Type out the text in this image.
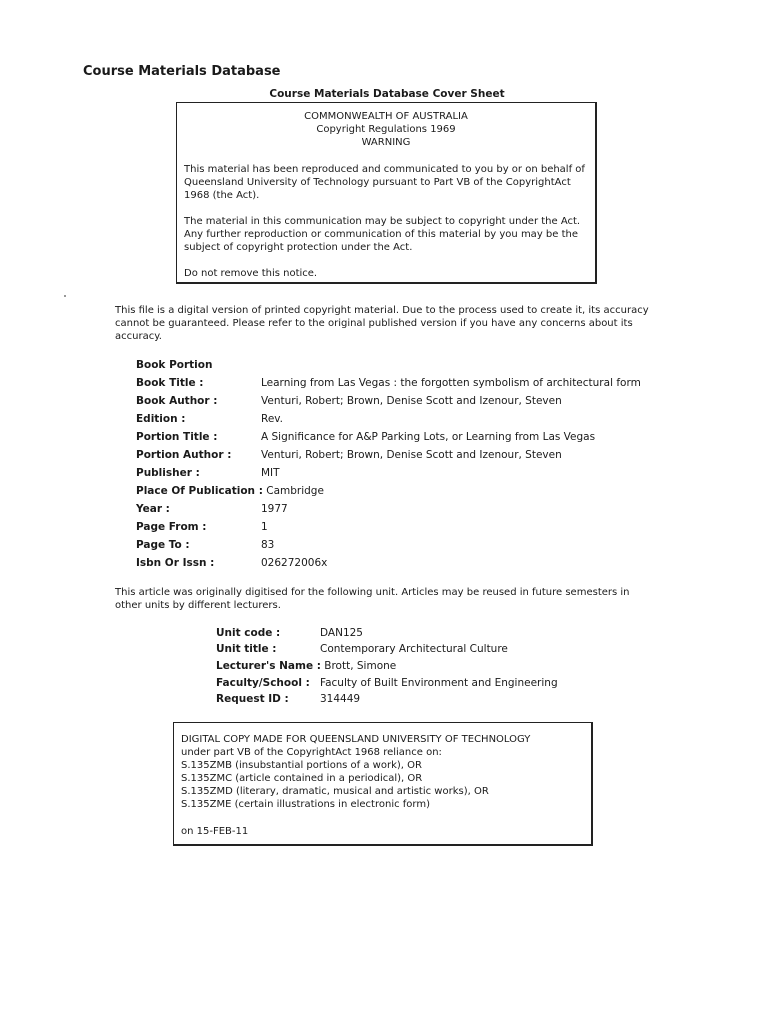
Course Materials Database
Course Materials Database Cover Sheet
COMMONWEALTH OF AUSTRALIA
Copyright Regulations 1969
WARNING
This material has been reproduced and communicated to you by or on behalf of Queensland University of Technology pursuant to Part VB of the CopyrightAct 1968 (the Act).
The material in this communication may be subject to copyright under the Act. Any further reproduction or communication of this material by you may be the subject of copyright protection under the Act.
Do not remove this notice.
This file is a digital version of printed copyright material. Due to the process used to create it, its accuracy cannot be guaranteed. Please refer to the original published version if you have any concerns about its accuracy.
Book Portion
Book Title :	Learning from Las Vegas : the forgotten symbolism of architectural form
Book Author :	Venturi, Robert; Brown, Denise Scott and Izenour, Steven
Edition :	Rev.
Portion Title :	A Significance for A&P Parking Lots, or Learning from Las Vegas
Portion Author :	Venturi, Robert; Brown, Denise Scott and Izenour, Steven
Publisher :	MIT
Place Of Publication : Cambridge
Year :	1977
Page From :	1
Page To :	83
Isbn Or Issn :	026272006x
This article was originally digitised for the following unit. Articles may be reused in future semesters in other units by different lecturers.
Unit code :	DAN125
Unit title :	Contemporary Architectural Culture
Lecturer's Name : Brott, Simone
Faculty/School : Faculty of Built Environment and Engineering
Request ID :	314449
DIGITAL COPY MADE FOR QUEENSLAND UNIVERSITY OF TECHNOLOGY
under part VB of the CopyrightAct 1968 reliance on:
S.135ZMB (insubstantial portions of a work), OR
S.135ZMC (article contained in a periodical), OR
S.135ZMD (literary, dramatic, musical and artistic works), OR
S.135ZME (certain illustrations in electronic form)
on 15-FEB-11
